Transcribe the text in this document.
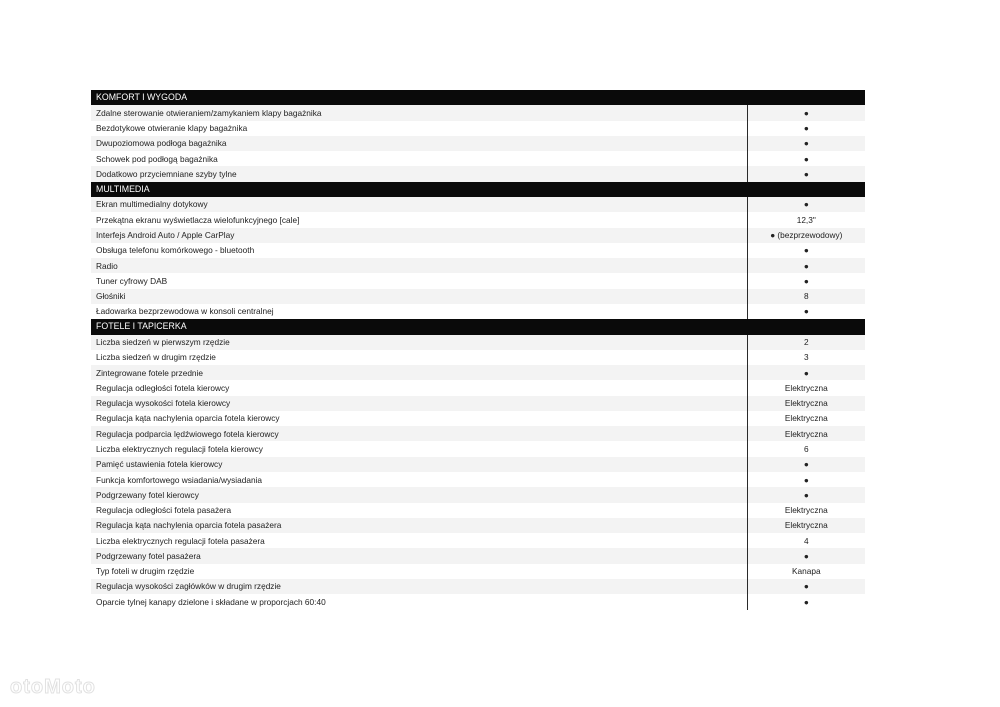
KOMFORT I WYGODA	
Zdalne sterowanie otwieraniem/zamykaniem klapy bagażnika	●
Bezdotykowe otwieranie klapy bagażnika	●
Dwupoziomowa podłoga bagażnika	●
Schowek pod podłogą bagażnika	●
Dodatkowo przyciemniane szyby tylne	●
MULTIMEDIA	
Ekran multimedialny dotykowy	●
Przekątna ekranu wyświetlacza wielofunkcyjnego [cale]	12,3"
Interfejs Android Auto / Apple CarPlay	● (bezprzewodowy)
Obsługa telefonu komórkowego - bluetooth	●
Radio	●
Tuner cyfrowy DAB	●
Głośniki	8
Ładowarka bezprzewodowa w konsoli centralnej	●
FOTELE I TAPICERKA	
Liczba siedzeń w pierwszym rzędzie	2
Liczba siedzeń w drugim rzędzie	3
Zintegrowane fotele przednie	●
Regulacja odległości fotela kierowcy	Elektryczna
Regulacja wysokości fotela kierowcy	Elektryczna
Regulacja kąta nachylenia oparcia fotela kierowcy	Elektryczna
Regulacja podparcia lędźwiowego fotela kierowcy	Elektryczna
Liczba elektrycznych regulacji fotela kierowcy	6
Pamięć ustawienia fotela kierowcy	●
Funkcja komfortowego wsiadania/wysiadania	●
Podgrzewany fotel kierowcy	●
Regulacja odległości fotela pasażera	Elektryczna
Regulacja kąta nachylenia oparcia fotela pasażera	Elektryczna
Liczba elektrycznych regulacji fotela pasażera	4
Podgrzewany fotel pasażera	●
Typ foteli w drugim rzędzie	Kanapa
Regulacja wysokości zagłówków w drugim rzędzie	●
Oparcie tylnej kanapy dzielone i składane w proporcjach 60:40	●
otoMoto
